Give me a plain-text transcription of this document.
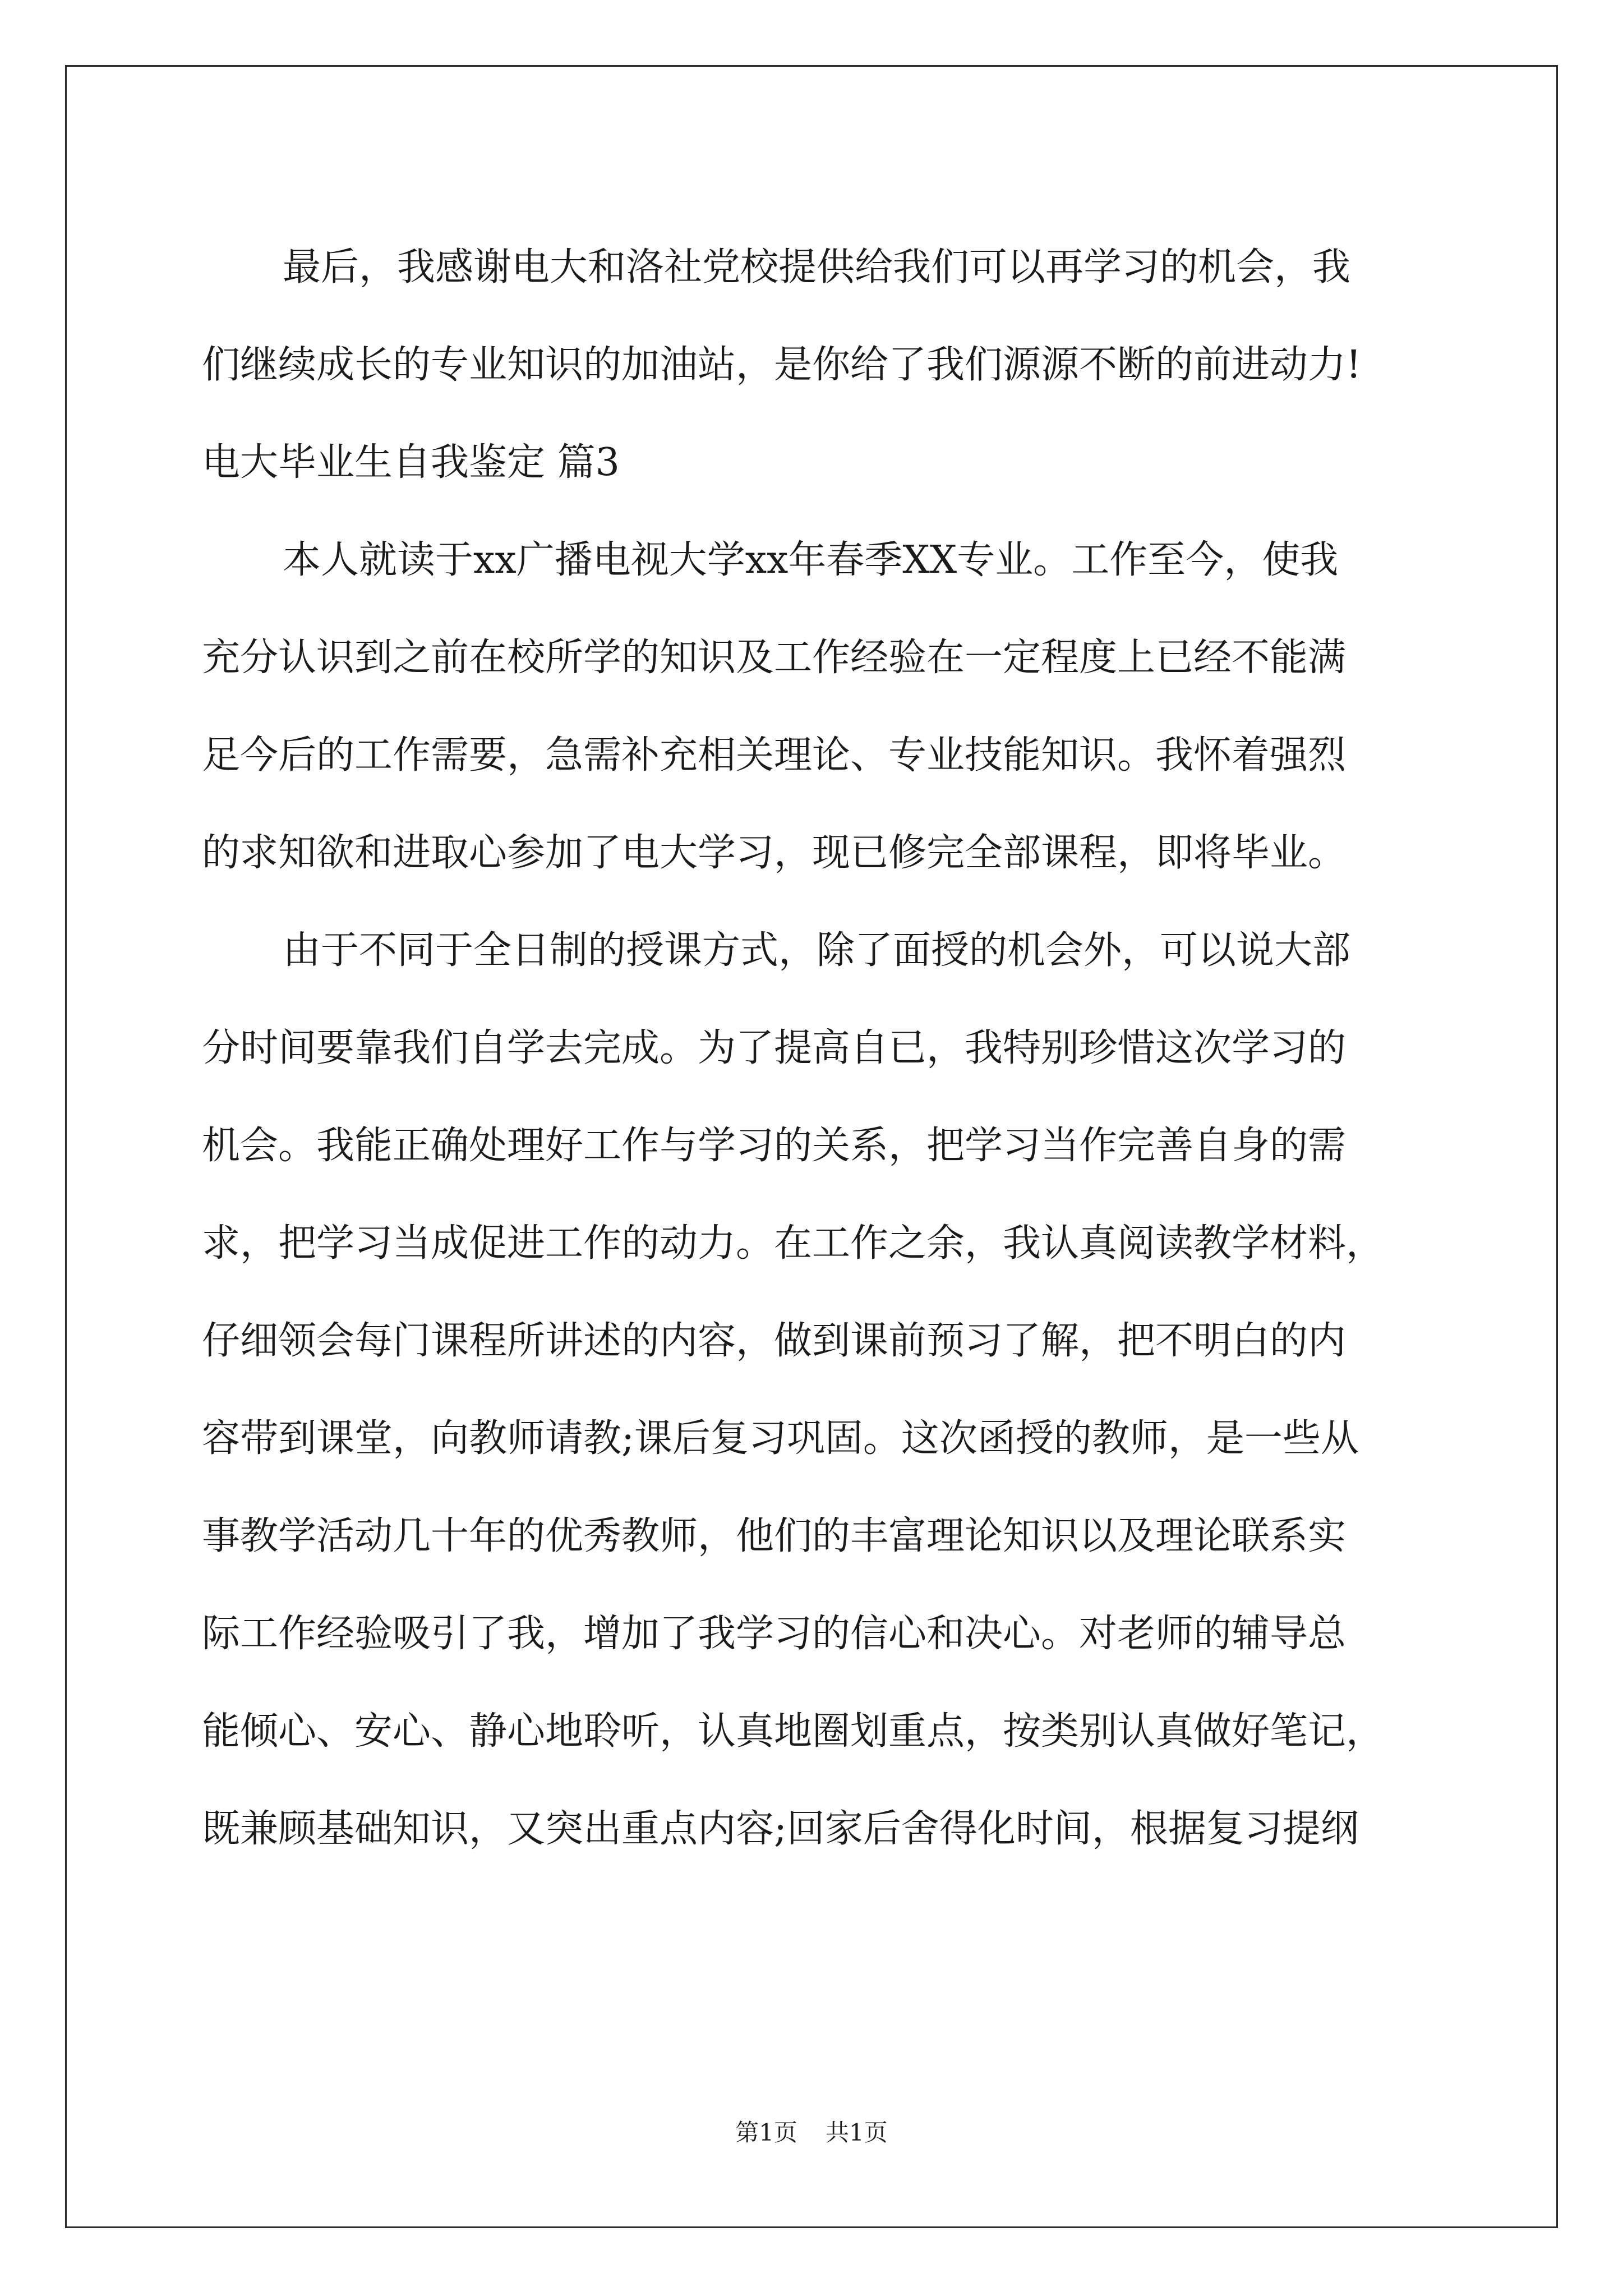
最后，我感谢电大和洛社党校提供给我们可以再学习的机会，我
们继续成长的专业知识的加油站，是你给了我们源源不断的前进动力!
电大毕业生自我鉴定 篇3
本人就读于xx广播电视大学xx年春季XX专业。工作至今，使我
充分认识到之前在校所学的知识及工作经验在一定程度上已经不能满
足今后的工作需要，急需补充相关理论、专业技能知识。我怀着强烈
的求知欲和进取心参加了电大学习，现已修完全部课程，即将毕业。
由于不同于全日制的授课方式，除了面授的机会外，可以说大部
分时间要靠我们自学去完成。为了提高自已，我特别珍惜这次学习的
机会。我能正确处理好工作与学习的关系，把学习当作完善自身的需
求，把学习当成促进工作的动力。在工作之余，我认真阅读教学材料，
仔细领会每门课程所讲述的内容，做到课前预习了解，把不明白的内
容带到课堂，向教师请教;课后复习巩固。这次函授的教师，是一些从
事教学活动几十年的优秀教师，他们的丰富理论知识以及理论联系实
际工作经验吸引了我，增加了我学习的信心和决心。对老师的辅导总
能倾心、安心、静心地聆听，认真地圈划重点，按类别认真做好笔记，
既兼顾基础知识，又突出重点内容;回家后舍得化时间，根据复习提纲
第1页 共1页
